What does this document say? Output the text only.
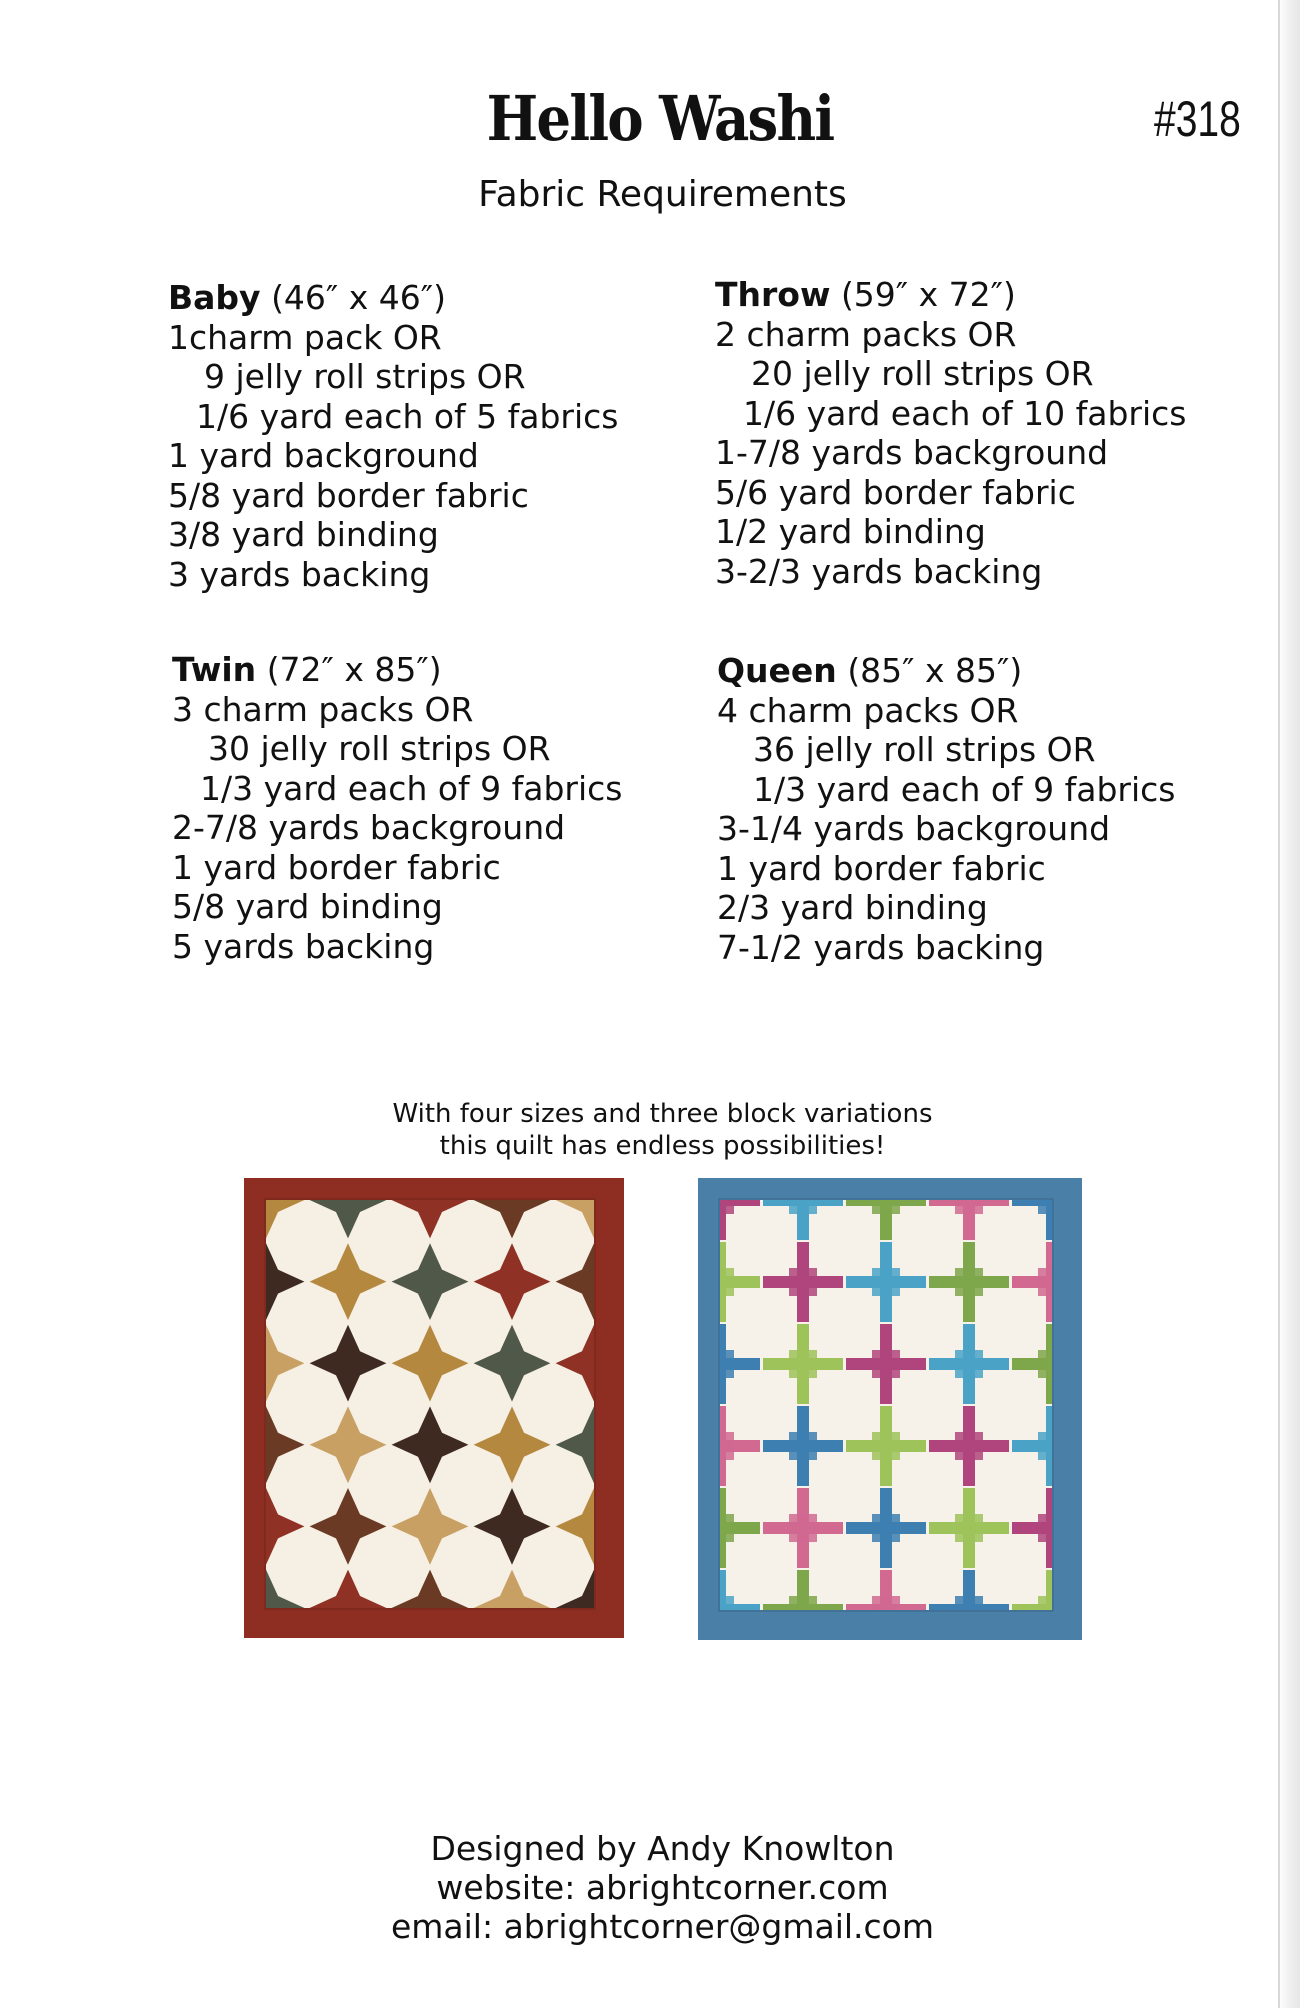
Hello Washi	#318
Fabric Requirements
Baby (46″ x 46″)
1charm pack OR
9 jelly roll strips OR
1/6 yard each of 5 fabrics
1 yard background
5/8 yard border fabric
3/8 yard binding
3 yards backing
Throw (59″ x 72″)
2 charm packs OR
20 jelly roll strips OR
1/6 yard each of 10 fabrics
1-7/8 yards background
5/6 yard border fabric
1/2 yard binding
3-2/3 yards backing
Twin (72″ x 85″)
3 charm packs OR
30 jelly roll strips OR
1/3 yard each of 9 fabrics
2-7/8 yards background
1 yard border fabric
5/8 yard binding
5 yards backing
Queen (85″ x 85″)
4 charm packs OR
36 jelly roll strips OR
1/3 yard each of 9 fabrics
3-1/4 yards background
1 yard border fabric
2/3 yard binding
7-1/2 yards backing
With four sizes and three block variations
this quilt has endless possibilities!
Designed by Andy Knowlton
website: abrightcorner.com
email: abrightcorner@gmail.com
